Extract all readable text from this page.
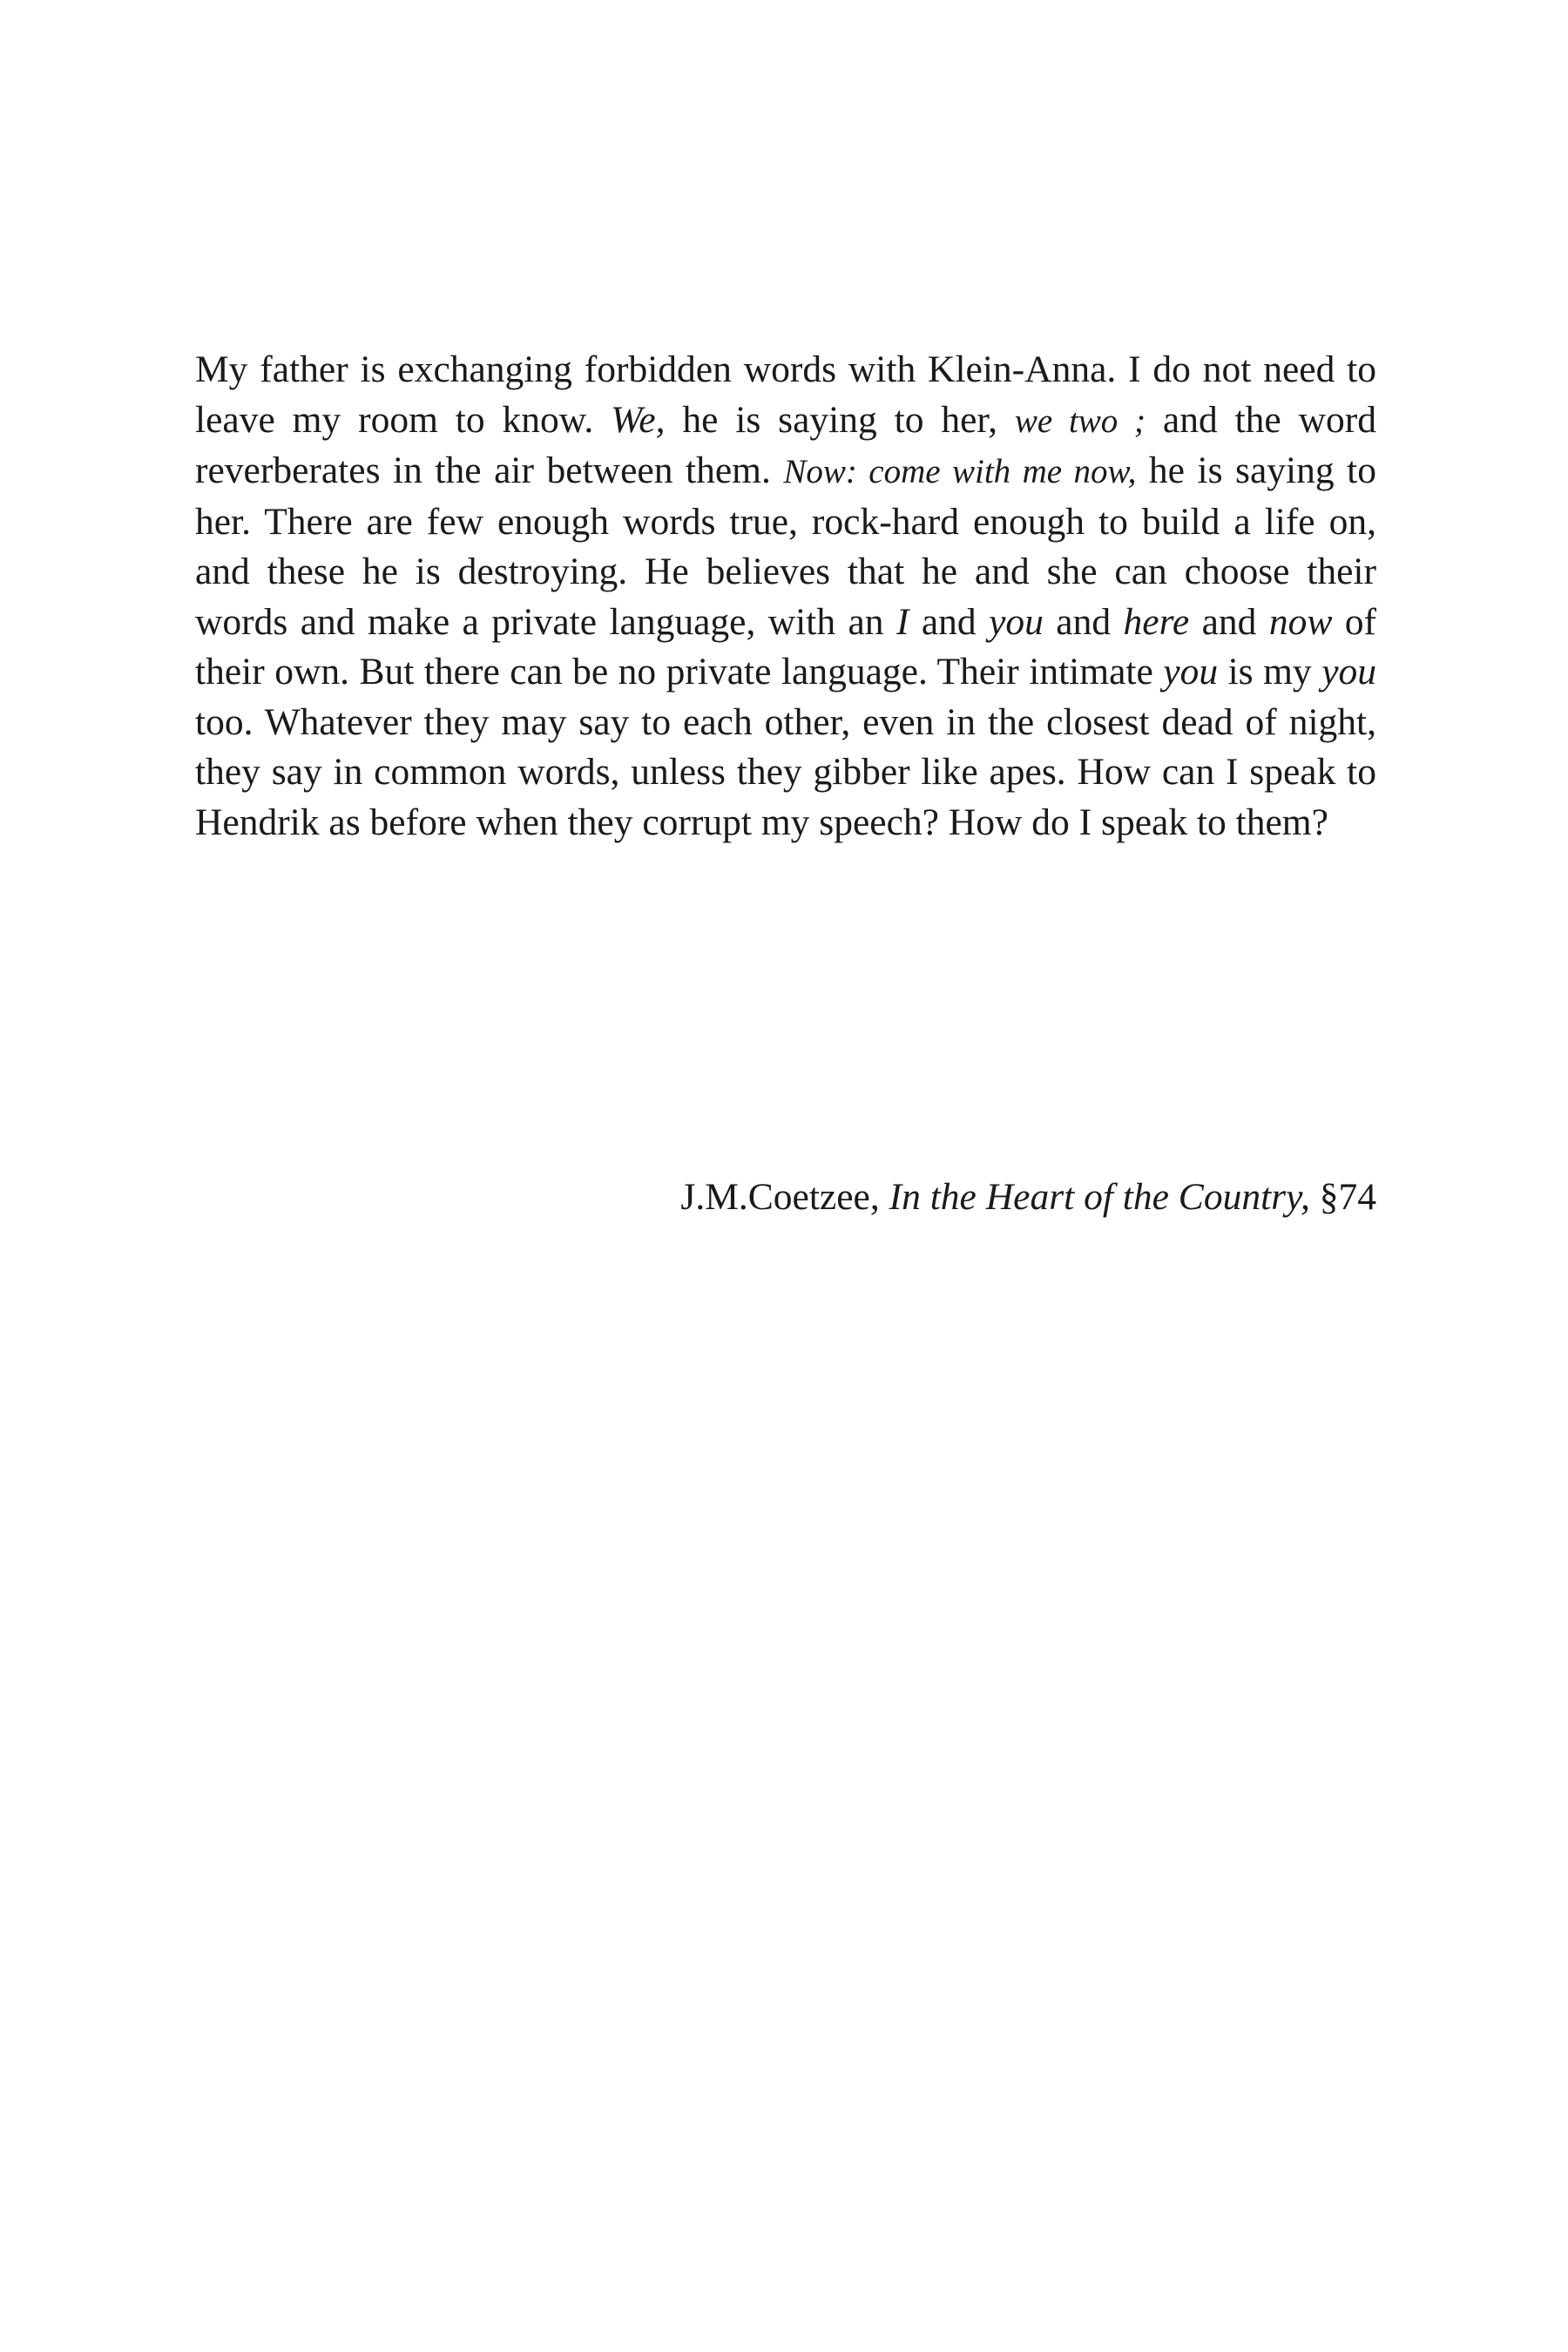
My father is exchanging forbidden words with Klein-Anna. I do not need to leave my room to know. We, he is saying to her, we two ; and the word reverberates in the air between them. Now: come with me now, he is saying to her. There are few enough words true, rock-hard enough to build a life on, and these he is destroying. He believes that he and she can choose their words and make a private language, with an I and you and here and now of their own. But there can be no private language. Their intimate you is my you too. Whatever they may say to each other, even in the closest dead of night, they say in common words, unless they gibber like apes. How can I speak to Hendrik as before when they corrupt my speech? How do I speak to them?

J.M.Coetzee, In the Heart of the Country, §74
